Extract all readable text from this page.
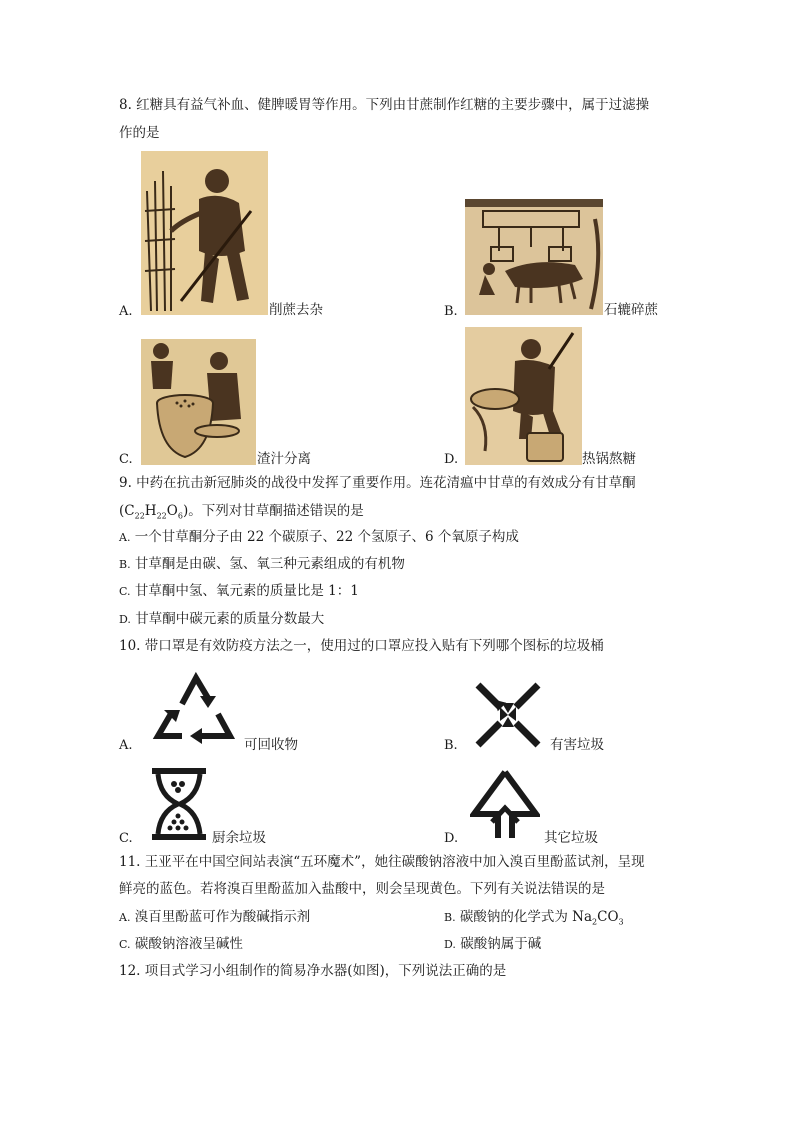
8. 红糖具有益气补血、健脾暖胃等作用。下列由甘蔗制作红糖的主要步骤中，属于过滤操
作的是
A.	削蔗去杂	B.	石辘碎蔗
C.	渣汁分离	D.	热锅熬糖
9. 中药在抗击新冠肺炎的战役中发挥了重要作用。连花清瘟中甘草的有效成分有甘草酮
$(C_{22}H_{22}O_6)$。下列对甘草酮描述错误的是
A. 一个甘草酮分子由 22 个碳原子、22 个氢原子、6 个氧原子构成
B. 甘草酮是由碳、氢、氧三种元素组成的有机物
C. 甘草酮中氢、氧元素的质量比是 1：1
D. 甘草酮中碳元素的质量分数最大
10. 带口罩是有效防疫方法之一，使用过的口罩应投入贴有下列哪个图标的垃圾桶
A.	可回收物	B.	有害垃圾
C.	厨余垃圾	D.	其它垃圾
11. 王亚平在中国空间站表演“五环魔术”，她往碳酸钠溶液中加入溴百里酚蓝试剂，呈现
鲜亮的蓝色。若将溴百里酚蓝加入盐酸中，则会呈现黄色。下列有关说法错误的是
A. 溴百里酚蓝可作为酸碱指示剂	B. 碳酸钠的化学式为 $Na_2CO_3$
C. 碳酸钠溶液呈碱性	D. 碳酸钠属于碱
12. 项目式学习小组制作的简易净水器(如图)，下列说法正确的是
